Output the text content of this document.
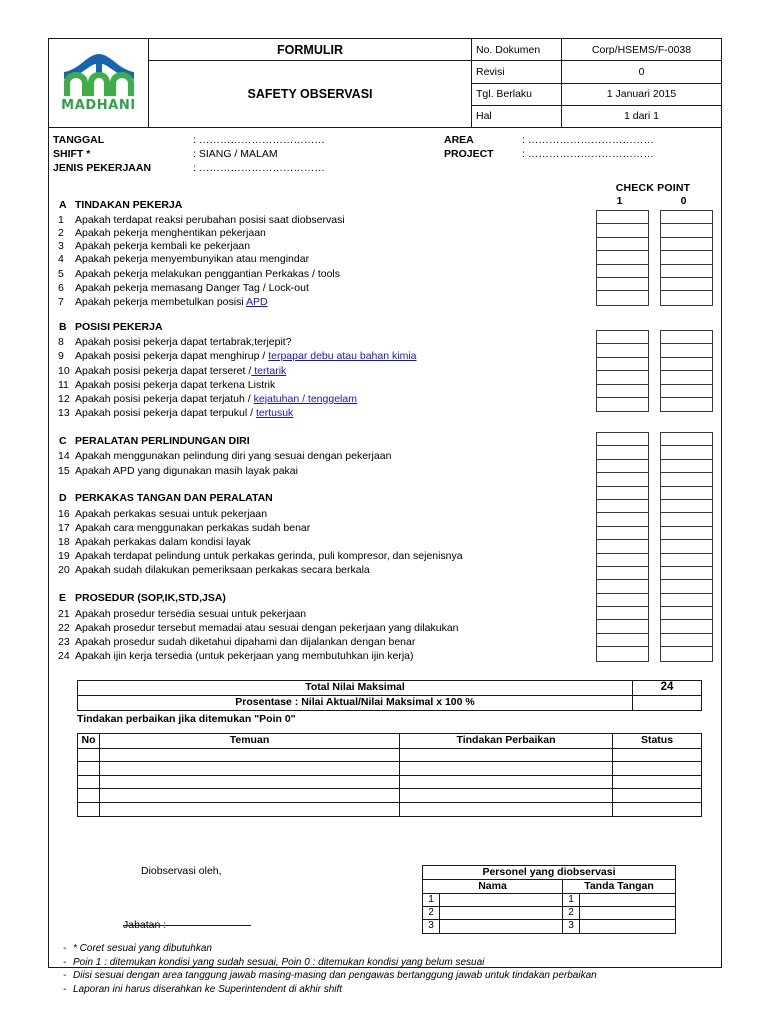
MADHANI
FORMULIR
SAFETY OBSERVASI
No. Dokumen	Corp/HSEMS/F-0038
Revisi	0
Tgl. Berlaku	1 Januari 2015
Hal	1 dari 1
TANGGAL	: ………………………………
SHIFT *	: SIANG / MALAM
JENIS PEKERJAAN	: ………………………………
AREA	: ………………………………
PROJECT	: ………………………………
CHECK POINT
1	0
A TINDAKAN PEKERJA
1	Apakah terdapat reaksi perubahan posisi saat diobservasi
2	Apakah pekerja menghentikan pekerjaan
3	Apakah pekerja kembali ke pekerjaan
4	Apakah pekerja menyembunyikan atau mengindar
5	Apakah pekerja melakukan penggantian Perkakas / tools
6	Apakah pekerja memasang Danger Tag / Lock-out
7	Apakah pekerja membetulkan posisi APD
B POSISI PEKERJA
8	Apakah posisi pekerja dapat tertabrak,terjepit?
9	Apakah posisi pekerja dapat menghirup / terpapar debu atau bahan kimia
10 Apakah posisi pekerja dapat terseret / tertarik
11 Apakah posisi pekerja dapat terkena Listrik
12 Apakah posisi pekerja dapat terjatuh / kejatuhan / tenggelam
13 Apakah posisi pekerja dapat terpukul / tertusuk
C PERALATAN PERLINDUNGAN DIRI
14 Apakah menggunakan pelindung diri yang sesuai dengan pekerjaan
15 Apakah APD yang digunakan masih layak pakai
D PERKAKAS TANGAN DAN PERALATAN
16 Apakah perkakas sesuai untuk pekerjaan
17 Apakah cara menggunakan perkakas sudah benar
18 Apakah perkakas dalam kondisi layak
19 Apakah terdapat pelindung untuk perkakas gerinda, puli kompresor, dan sejenisnya
20 Apakah sudah dilakukan pemeriksaan perkakas secara berkala
E PROSEDUR (SOP,IK,STD,JSA)
21 Apakah prosedur tersedia sesuai untuk pekerjaan
22 Apakah prosedur tersebut memadai atau sesuai dengan pekerjaan yang dilakukan
23 Apakah prosedur sudah diketahui dipahami dan dijalankan dengan benar
24 Apakah ijin kerja tersedia (untuk pekerjaan yang membutuhkan ijin kerja)
Total Nilai Maksimal	24
Prosentase : Nilai Aktual/Nilai Maksimal x 100 %
Tindakan perbaikan jika ditemukan "Poin 0"
No	Temuan	Tindakan Perbaikan	Status
Diobservasi oleh,
Jabatan :
Personel yang diobservasi
Nama	Tanda Tangan
1	1
2	2
3	3
- * Coret sesuai yang dibutuhkan
- Poin 1 : ditemukan kondisi yang sudah sesuai, Poin 0 : ditemukan kondisi yang belum sesuai
- Diisi sesuai dengan area tanggung jawab masing-masing dan pengawas bertanggung jawab untuk tindakan perbaikan
- Laporan ini harus diserahkan ke Superintendent di akhir shift
